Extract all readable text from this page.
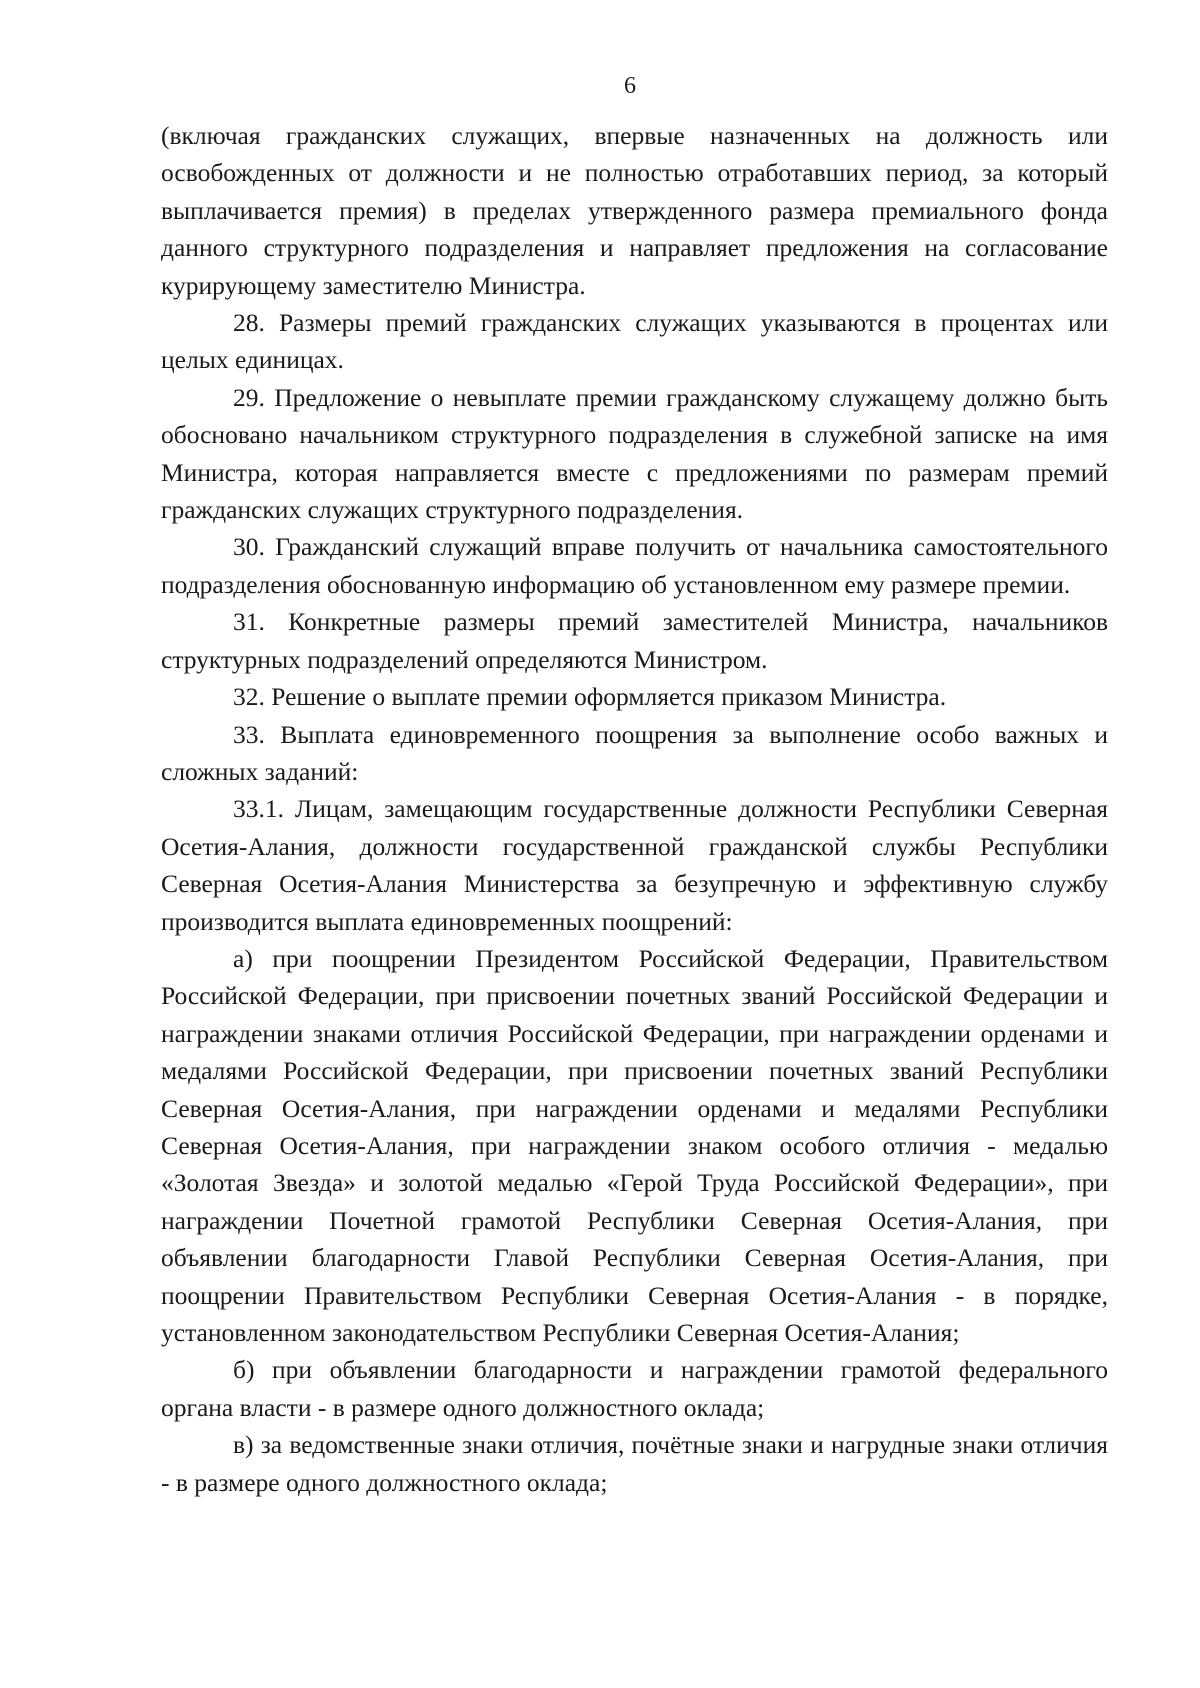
6

(включая гражданских служащих, впервые назначенных на должность или освобожденных от должности и не полностью отработавших период, за который выплачивается премия) в пределах утвержденного размера премиального фонда данного структурного подразделения и направляет предложения на согласование курирующему заместителю Министра.

28. Размеры премий гражданских служащих указываются в процентах или целых единицах.

29. Предложение о невыплате премии гражданскому служащему должно быть обосновано начальником структурного подразделения в служебной записке на имя Министра, которая направляется вместе с предложениями по размерам премий гражданских служащих структурного подразделения.

30. Гражданский служащий вправе получить от начальника самостоятельного подразделения обоснованную информацию об установленном ему размере премии.

31. Конкретные размеры премий заместителей Министра, начальников структурных подразделений определяются Министром.

32. Решение о выплате премии оформляется приказом Министра.

33. Выплата единовременного поощрения за выполнение особо важных и сложных заданий:

33.1. Лицам, замещающим государственные должности Республики Северная Осетия-Алания, должности государственной гражданской службы Республики Северная Осетия-Алания Министерства за безупречную и эффективную службу производится выплата единовременных поощрений:

а) при поощрении Президентом Российской Федерации, Правительством Российской Федерации, при присвоении почетных званий Российской Федерации и награждении знаками отличия Российской Федерации, при награждении орденами и медалями Российской Федерации, при присвоении почетных званий Республики Северная Осетия-Алания, при награждении орденами и медалями Республики Северная Осетия-Алания, при награждении знаком особого отличия - медалью «Золотая Звезда» и золотой медалью «Герой Труда Российской Федерации», при награждении Почетной грамотой Республики Северная Осетия-Алания, при объявлении благодарности Главой Республики Северная Осетия-Алания, при поощрении Правительством Республики Северная Осетия-Алания - в порядке, установленном законодательством Республики Северная Осетия-Алания;

б) при объявлении благодарности и награждении грамотой федерального органа власти - в размере одного должностного оклада;

в) за ведомственные знаки отличия, почётные знаки и нагрудные знаки отличия - в размере одного должностного оклада;
